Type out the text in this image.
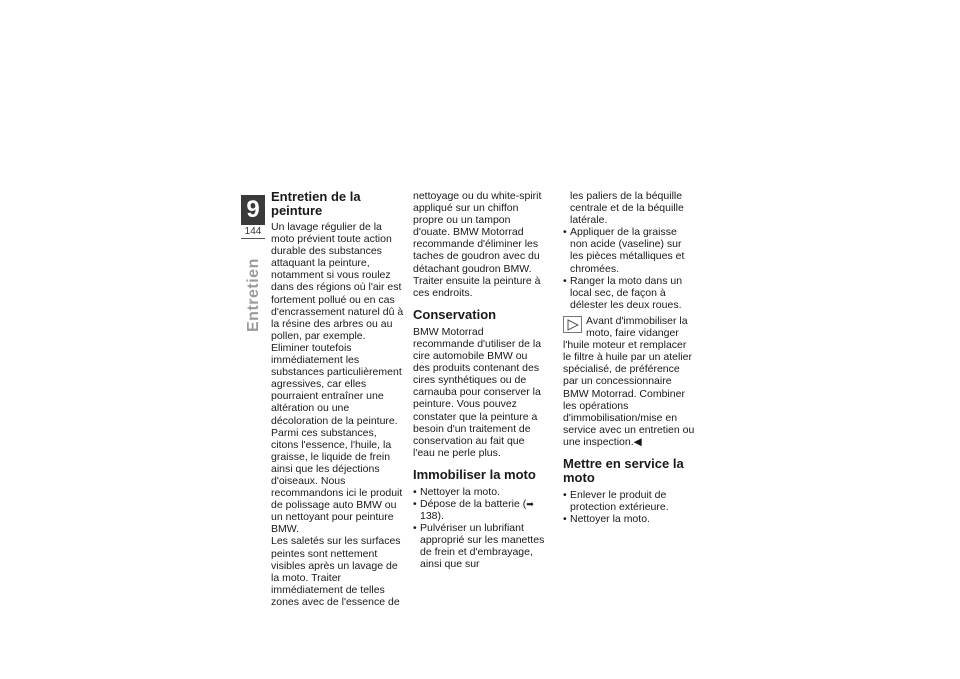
9
144
Entretien
Entretien de la peinture

Un lavage régulier de la moto prévient toute action durable des substances attaquant la peinture, notamment si vous roulez dans des régions où l'air est fortement pollué ou en cas d'encrassement naturel dû à la résine des arbres ou au pollen, par exemple. Eliminer toutefois immédiatement les substances particulièrement agressives, car elles pourraient entraîner une altération ou une décoloration de la peinture. Parmi ces substances, citons l'essence, l'huile, la graisse, le liquide de frein ainsi que les déjections d'oiseaux. Nous recommandons ici le produit de polissage auto BMW ou un nettoyant pour peinture BMW.

Les saletés sur les surfaces peintes sont nettement visibles après un lavage de la moto. Traiter immédiatement de telles zones avec de l'essence de

nettoyage ou du white-spirit appliqué sur un chiffon propre ou un tampon d'ouate. BMW Motorrad recommande d'éliminer les taches de goudron avec du détachant goudron BMW. Traiter ensuite la peinture à ces endroits.

Conservation

BMW Motorrad recommande d'utiliser de la cire automobile BMW ou des produits contenant des cires synthétiques ou de carnauba pour conserver la peinture. Vous pouvez constater que la peinture a besoin d'un traitement de conservation au fait que l'eau ne perle plus.

Immobiliser la moto
• Nettoyer la moto.
• Dépose de la batterie (➡ 138).
• Pulvériser un lubrifiant approprié sur les manettes de frein et d'embrayage, ainsi que sur
les paliers de la béquille centrale et de la béquille latérale.
• Appliquer de la graisse non acide (vaseline) sur les pièces métalliques et chromées.
• Ranger la moto dans un local sec, de façon à délester les deux roues.
Avant d'immobiliser la moto, faire vidanger l'huile moteur et remplacer le filtre à huile par un atelier spécialisé, de préférence par un concessionnaire BMW Motorrad. Combiner les opérations d'immobilisation/mise en service avec un entretien ou une inspection.◀
Mettre en service la moto
• Enlever le produit de protection extérieure.
• Nettoyer la moto.
